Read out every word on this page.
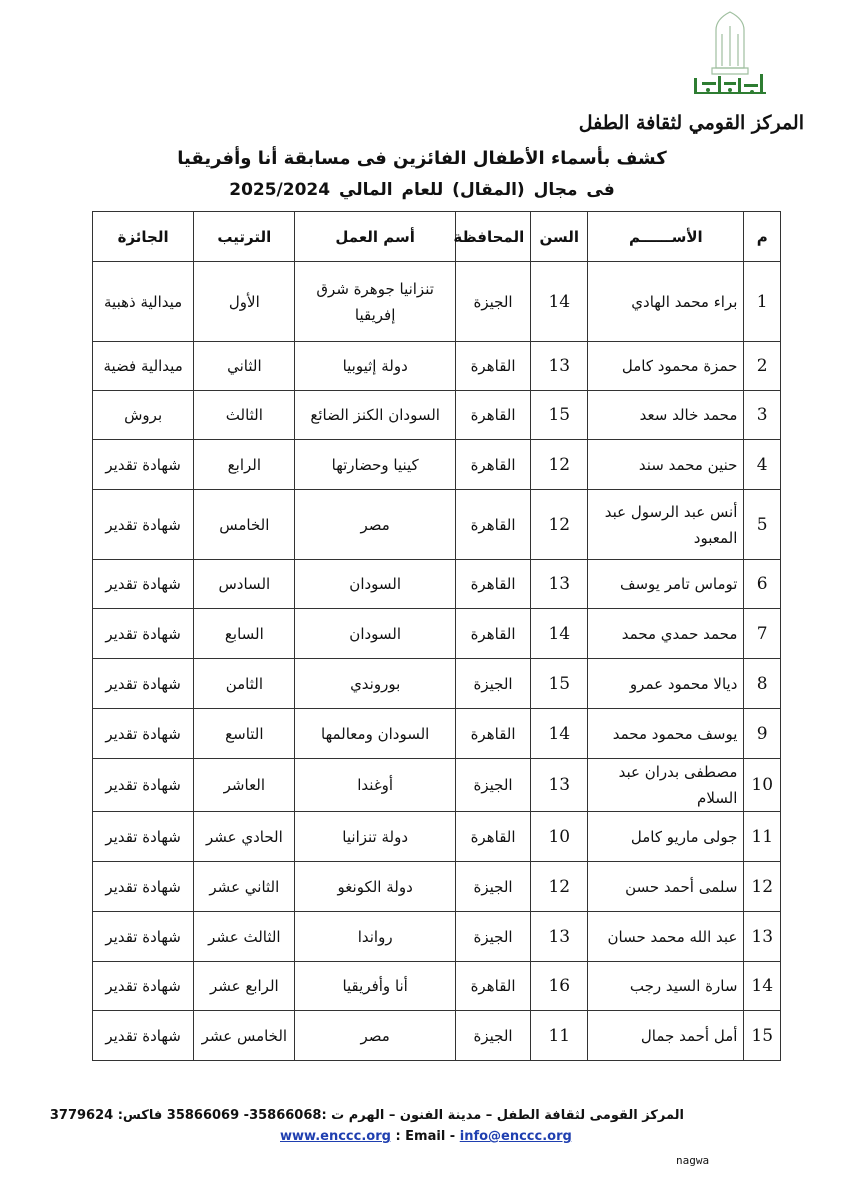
المركز القومي لثقافة الطفل
كشف بأسماء الأطفال الفائزين فى مسابقة أنا وأفريقيا
فى مجال (المقال) للعام المالي 2025/2024
م	الأســــــم	السن	المحافظة	أسم العمل	الترتيب	الجائزة
1	براء محمد الهادي	14	الجيزة	تنزانيا جوهرة شرق إفريقيا	الأول	ميدالية ذهبية
2	حمزة محمود كامل	13	القاهرة	دولة إثيوبيا	الثاني	ميدالية فضية
3	محمد خالد سعد	15	القاهرة	السودان الكنز الضائع	الثالث	بروش
4	حنين محمد سند	12	القاهرة	كينيا وحضارتها	الرابع	شهادة تقدير
5	أنس عبد الرسول عبد المعبود	12	القاهرة	مصر	الخامس	شهادة تقدير
6	توماس تامر يوسف	13	القاهرة	السودان	السادس	شهادة تقدير
7	محمد حمدي محمد	14	القاهرة	السودان	السابع	شهادة تقدير
8	ديالا محمود عمرو	15	الجيزة	بوروندي	الثامن	شهادة تقدير
9	يوسف محمود محمد	14	القاهرة	السودان ومعالمها	التاسع	شهادة تقدير
10	مصطفى بدران عبد السلام	13	الجيزة	أوغندا	العاشر	شهادة تقدير
11	جولى ماريو كامل	10	القاهرة	دولة تنزانيا	الحادي عشر	شهادة تقدير
12	سلمى أحمد حسن	12	الجيزة	دولة الكونغو	الثاني عشر	شهادة تقدير
13	عبد الله محمد حسان	13	الجيزة	رواندا	الثالث عشر	شهادة تقدير
14	سارة السيد رجب	16	القاهرة	أنا وأفريقيا	الرابع عشر	شهادة تقدير
15	أمل أحمد جمال	11	الجيزة	مصر	الخامس عشر	شهادة تقدير
المركز القومى لثقافة الطفل – مدينة الفنون – الهرم ت :35866068- 35866069 فاكس: 3779624
www.enccc.org : Email - info@enccc.org
nagwa
